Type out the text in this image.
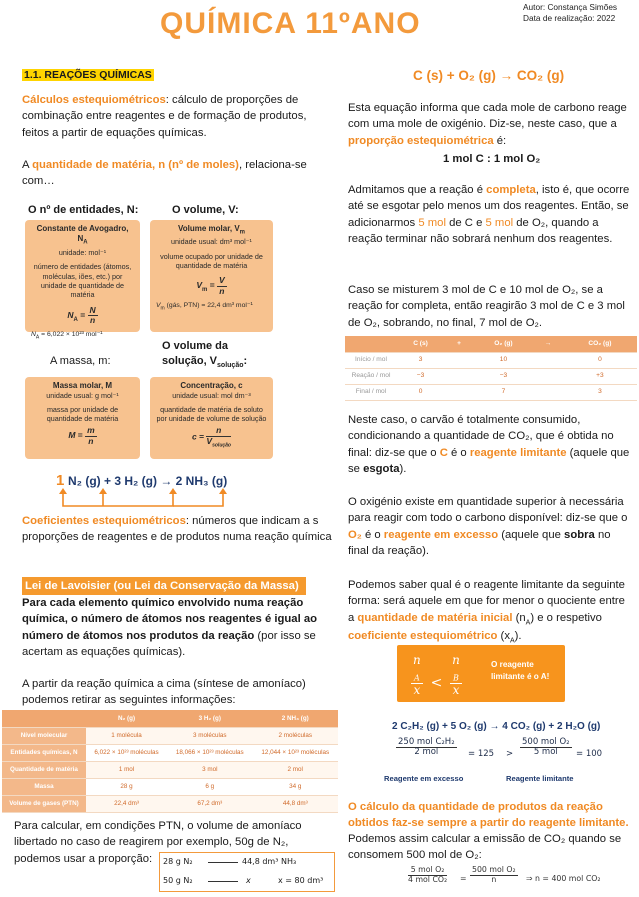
QUÍMICA 11ºANO	Autor: Constança Simões
Data de realização: 2022
1.1. REAÇÕES QUÍMICAS
Cálculos estequiométricos: cálculo de proporções de combinação entre reagentes e de formação de produtos, feitos a partir de equações químicas.
A quantidade de matéria, n (nº de moles), relaciona-se com…
O nº de entidades, N:	O volume, V:
Constante de Avogadro, $N_A$
unidade: mol⁻¹
número de entidades (átomos, moléculas, iões, etc.) por unidade de quantidade de matéria
$N_A = \frac{N}{n}$
$N_A = 6,022 \times 10^{23}$ mol⁻¹
Volume molar, $V_m$
unidade usual: dm³ mol⁻¹
volume ocupado por unidade de quantidade de matéria
$V_m = \frac{V}{n}$
$V_m$ (gás, PTN) = 22,4 dm³ mol⁻¹
A massa, m:
O volume da solução, $V_{solução}$:
Massa molar, M
unidade usual: g mol⁻¹
massa por unidade de quantidade de matéria
$M = \frac{m}{n}$
Concentração, c
unidade usual: mol dm⁻³
quantidade de matéria de soluto por unidade de volume de solução
$c = \frac{n}{V_{solução}}$
1 N₂ (g) + 3 H₂ (g) → 2 NH₃ (g)
Coeficientes estequiométricos: números que indicam a s proporções de reagentes e de produtos numa reação química
Lei de Lavoisier (ou Lei da Conservação da Massa)
Para cada elemento químico envolvido numa reação química, o número de átomos nos reagentes é igual ao número de átomos nos produtos da reação (por isso se acertam as equações químicas).
A partir da reação química a cima (síntese de amoníaco) podemos retirar as seguintes informações:
	N₂ (g)	3 H₂ (g)	2 NH₃ (g)
Nível molecular	1 molécula	3 moléculas	2 moléculas
Entidades químicas, N	6,022 × 10²³ moléculas	18,066 × 10²³ moléculas	12,044 × 10²³ moléculas
Quantidade de matéria	1 mol	3 mol	2 mol
Massa	28 g	6 g	34 g
Volume de gases (PTN)	22,4 dm³	67,2 dm³	44,8 dm³
Para calcular, em condições PTN, o volume de amoníaco libertado no caso de reagirem por exemplo, 50g de N₂, podemos usar a proporção:	28 g N₂	44,8 dm³ NH₃
50 g N₂	x	x = 80 dm³
C (s) + O₂ (g) → CO₂ (g)
Esta equação informa que cada mole de carbono reage com uma mole de oxigénio. Diz-se, neste caso, que a proporção estequiométrica é:
1 mol C : 1 mol O₂
Admitamos que a reação é completa, isto é, que ocorre até se esgotar pelo menos um dos reagentes. Então, se adicionarmos 5 mol de C e 5 mol de O₂, quando a reação terminar não sobrará nenhum dos reagentes.
Caso se misturem 3 mol de C e 10 mol de O₂, se a reação for completa, então reagirão 3 mol de C e 3 mol de O₂, sobrando, no final, 7 mol de O₂.
	C (s)	+	O₂ (g)	→	CO₂ (g)
Início / mol	3		10		0
Reação / mol	−3		−3		+3
Final / mol	0		7		3
Neste caso, o carvão é totalmente consumido, condicionando a quantidade de CO₂, que é obtida no final: diz-se que o C é o reagente limitante (aquele que se esgota).
O oxigénio existe em quantidade superior à necessária para reagir com todo o carbono disponível: diz-se que o O₂ é o reagente em excesso (aquele que sobra no final da reação).
Podemos saber qual é o reagente limitante da seguinte forma: será aquele em que for menor o quociente entre a quantidade de matéria inicial $(n_A)$ e o respetivo coeficiente estequiométrico $(x_A)$.
n
$_A$
x
$_A$ < n
$_B$
x
$_B$	O reagente limitante é o A!
2 C₂H₂ (g) + 5 O₂ (g) → 4 CO₂ (g) + 2 H₂O (g)
250 mol C₂H₂
2 mol	= 125 >
500 mol O₂
5 mol	= 100
Reagente em excesso	Reagente limitante
O cálculo da quantidade de produtos da reação obtidos faz-se sempre a partir do reagente limitante.
Podemos assim calcular a emissão de CO₂ quando se consomem 500 mol de O₂:
5 mol O₂
4 mol CO₂ =
500 mol O₂
n	⇒ n = 400 mol CO₂
